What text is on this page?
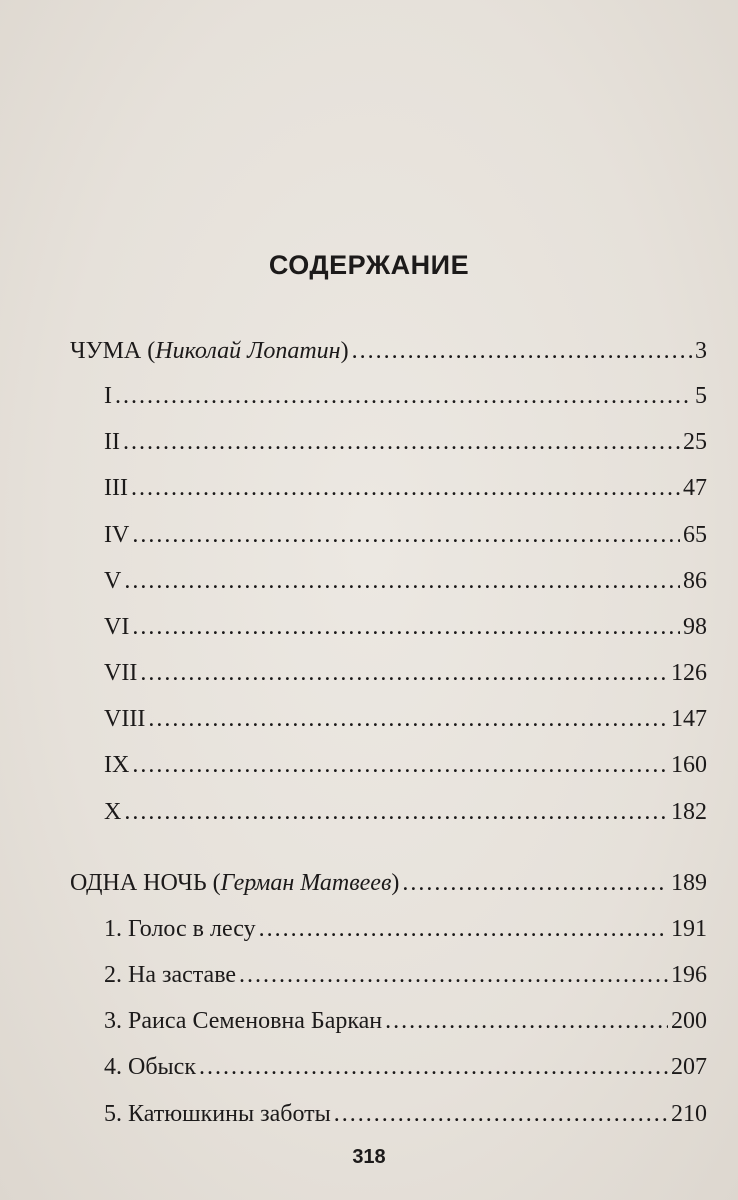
СОДЕРЖАНИЕ
ЧУМА (Николай Лопатин) .....	3
I .....	5
II .....	25
III .....	47
IV .....	65
V .....	86
VI .....	98
VII .....	126
VIII .....	147
IX .....	160
X .....	182
ОДНА НОЧЬ (Герман Матвеев) .....	189
1. Голос в лесу .....	191
2. На заставе .....	196
3. Раиса Семеновна Баркан .....	200
4. Обыск .....	207
5. Катюшкины заботы .....	210
318
